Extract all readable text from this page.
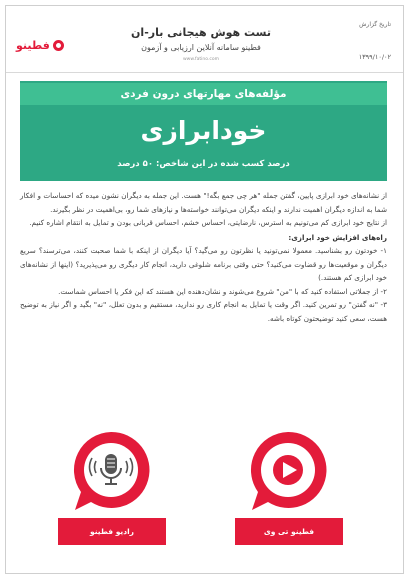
فطینو
تست هوش هیجانی بار-ان
فطینو سامانه آنلاین ارزیابی و آزمون
www.fatino.com
تاریخ گزارش
۱۳۹۹/۱۰/۰۲
مؤلفه‌های مهارتهای درون فردی
خودابرازی
درصد کسب شده در این شاخص: ۵۰ درصد

از نشانه‌های خود ابرازی پایین، گفتن جمله "هر چی جمع بگه!" هست. این جمله به دیگران نشون میده که احساسات و افکار شما به اندازه دیگران اهمیت ندارند و اینکه دیگران می‌توانند خواسته‌ها و نیازهای شما رو، بی‌اهمیت در نظر بگیرند.

از نتایج خود ابرازی کم می‌تونیم به استرس، نارضایتی، احساس خشم، احساس قربانی بودن و تمایل به انتقام اشاره کنیم.

راه‌های افزایش خود ابرازی:

۱- خودتون رو بشناسید. معمولا نمی‌تونید یا نظرتون رو می‌گید؟ آیا دیگران از اینکه با شما صحبت کنند، می‌ترسند؟ سریع دیگران و موقعیت‌ها رو قضاوت می‌کنید؟ حتی وقتی برنامه شلوغی دارید، انجام کار دیگری رو می‌پذیرید؟ (اینها از نشانه‌های خود ابرازی کم هستند.)

۲- از جملاتی استفاده کنید که با "من" شروع می‌شوند و نشان‌دهنده این هستند که این فکر یا احساس شماست.

۳- "نه گفتن" رو تمرین کنید. اگر وقت یا تمایل به انجام کاری رو ندارید، مستقیم و بدون تعلل، "نه" بگید و اگر نیاز به توضیح هست، سعی کنید توضیحتون کوتاه باشه.

رادیو فطینو	فطینو تی وی
